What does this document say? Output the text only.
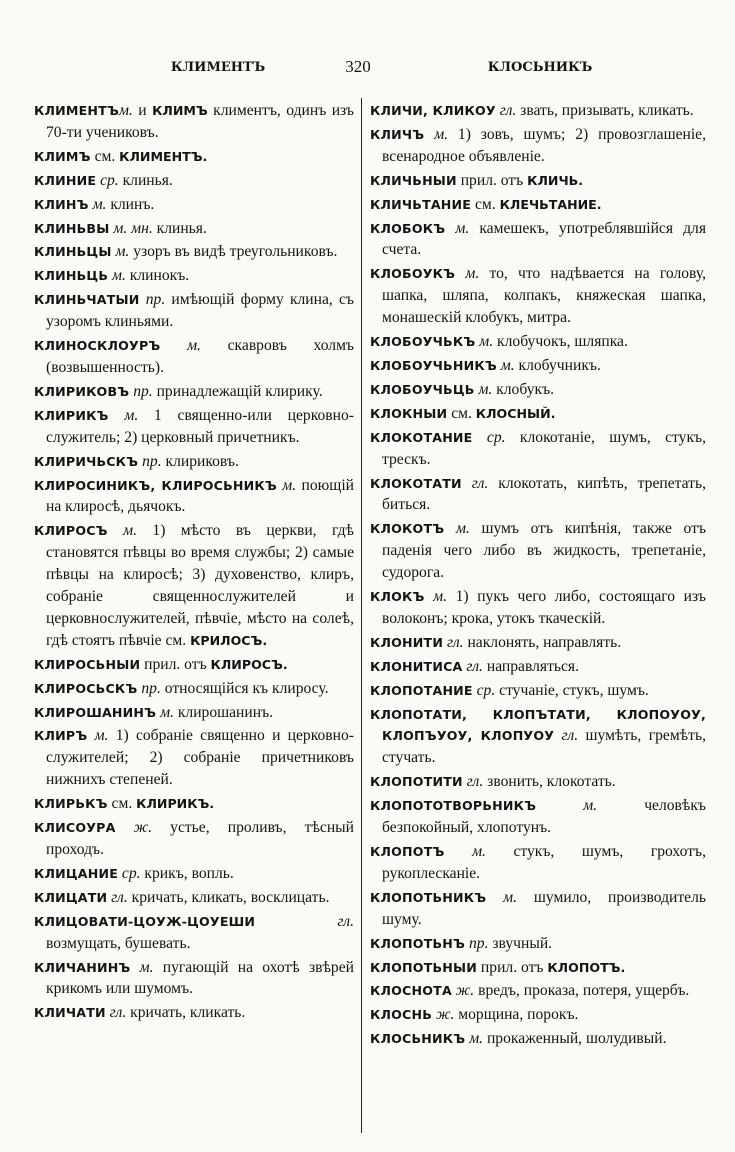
КЛИМЕНТЪ	320	КЛОСЬНИКЪ
КЛИМЕНТЪм. и КЛИМЪ климентъ, одинъ изъ 70-ти учениковъ.
КЛИМЪ см. КЛИМЕНТЪ.
КЛИНИЕ ср. клинья.
КЛИНЪ м. клинъ.
КЛИНЬВЫ м. мн. клинья.
КЛИНЬЦЫ м. узоръ въ видѣ треугольниковъ.
КЛИНЬЦЬ м. клинокъ.
КЛИНЬЧАТЫИ пр. имѣющій форму клина, съ узоромъ клиньями.
КЛИНОСКЛОУРЪ м. скавровъ холмъ (возвышенность).
КЛИРИКОВЪ пр. принадлежащій клирику.
КЛИРИКЪ м. 1 священно-или церковно-служитель; 2) церковный причетникъ.
КЛИРИЧЬСКЪ пр. клириковъ.
КЛИРОСИНИКЪ, КЛИРОСЬНИКЪ м. поющій на клиросѣ, дьячокъ.
КЛИРОСЪ м. 1) мѣсто въ церкви, гдѣ становятся пѣвцы во время службы; 2) самые пѣвцы на клиросѣ; 3) духовенство, клиръ, собраніе священнослужителей и церковнослужителей, пѣвчіе, мѣсто на солеѣ, гдѣ стоятъ пѣвчіе см. КРИЛОСЪ.
КЛИРОСЬНЫИ прил. отъ КЛИРОСЪ.
КЛИРОСЬСКЪ пр. относящійся къ клиросу.
КЛИРОШАНИНЪ м. клирошанинъ.
КЛИРЪ м. 1) собраніе священно и церковно-служителей; 2) собраніе причетниковъ нижнихъ степеней.
КЛИРЬКЪ см. КЛИРИКЪ.
КЛИСОУРА ж. устье, проливъ, тѣсный проходъ.
КЛИЦАНИЕ ср. крикъ, вопль.
КЛИЦАТИ гл. кричать, кликать, восклицать.
КЛИЦОВАТИ-ЦОУЖ-ЦОУЕШИ гл. возмущать, бушевать.
КЛИЧАНИНЪ м. пугающій на охотѣ звѣрей крикомъ или шумомъ.
КЛИЧАТИ гл. кричать, кликать.
КЛИЧИ, КЛИКОУ гл. звать, призывать, кликать.
КЛИЧЪ м. 1) зовъ, шумъ; 2) провозглашеніе, всенародное объявленіе.
КЛИЧЬНЫИ прил. отъ КЛИЧЬ.
КЛИЧЬТАНИЕ см. КЛЕЧЬТАНИЕ.
КЛОБОКЪ м. камешекъ, употреблявшійся для счета.
КЛОБОУКЪ м. то, что надѣвается на голову, шапка, шляпа, колпакъ, княжеская шапка, монашескій клобукъ, митра.
КЛОБОУЧЬКЪ м. клобучокъ, шляпка.
КЛОБОУЧЬНИКЪ м. клобучникъ.
КЛОБОУЧЬЦЬ м. клобукъ.
КЛОКНЫИ см. КЛОСНЫЙ.
КЛОКОТАНИЕ ср. клокотаніе, шумъ, стукъ, трескъ.
КЛОКОТАТИ гл. клокотать, кипѣть, трепетать, биться.
КЛОКОТЪ м. шумъ отъ кипѣнія, также отъ паденія чего либо въ жидкость, трепетаніе, судорога.
КЛОКЪ м. 1) пукъ чего либо, состоящаго изъ волоконъ; крока, утокъ ткаческій.
КЛОНИТИ гл. наклонять, направлять.
КЛОНИТИСА гл. направляться.
КЛОПОТАНИЕ ср. стучаніе, стукъ, шумъ.
КЛОПОТАТИ, КЛОПЪТАТИ, КЛОПОУОУ, КЛОПЪУОУ, КЛОПУОУ гл. шумѣть, гремѣть, стучать.
КЛОПОТИТИ гл. звонить, клокотать.
КЛОПОТОТВОРЬНИКЪ м. человѣкъ безпокойный, хлопотунъ.
КЛОПОТЪ м. стукъ, шумъ, грохотъ, рукоплесканіе.
КЛОПОТЬНИКЪ м. шумило, производитель шуму.
КЛОПОТЬНЪ пр. звучный.
КЛОПОТЬНЫИ прил. отъ КЛОПОТЪ.
КЛОСНОТА ж. вредъ, проказа, потеря, ущербъ.
КЛОСНЬ ж. морщина, порокъ.
КЛОСЬНИКЪ м. прокаженный, шолудивый.
